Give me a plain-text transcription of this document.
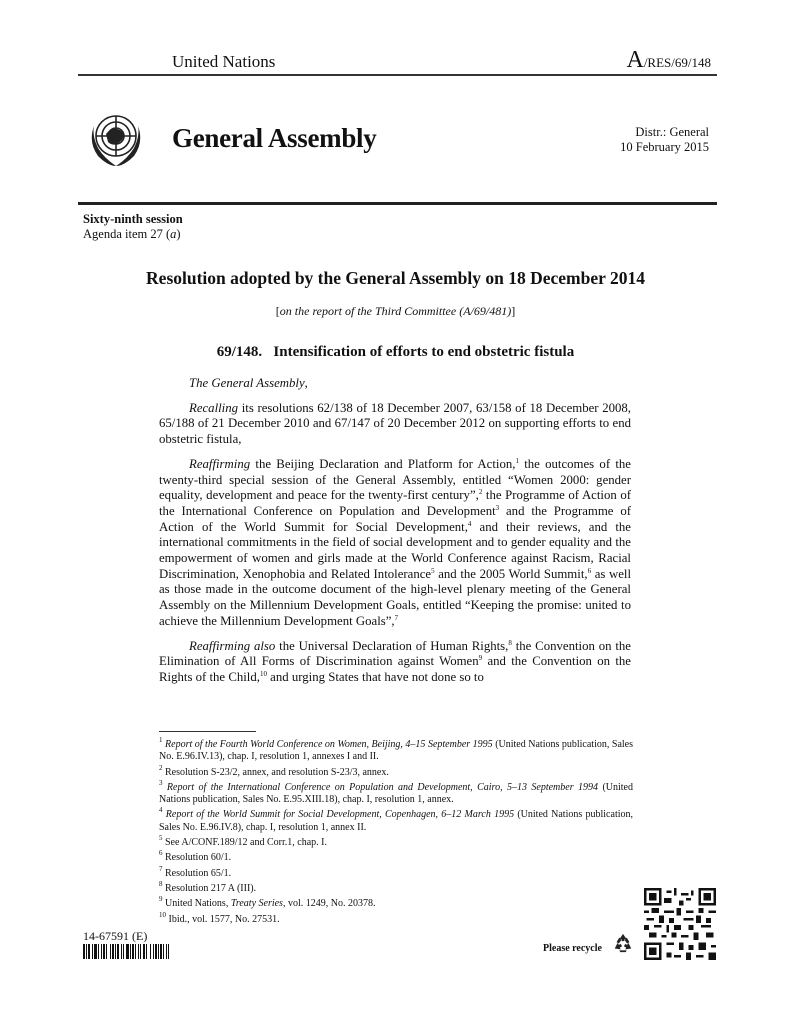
United Nations	A/RES/69/148
General Assembly	Distr.: General
10 February 2015
Sixty-ninth session
Agenda item 27 (a)
Resolution adopted by the General Assembly on 18 December 2014
[on the report of the Third Committee (A/69/481)]
69/148.   Intensification of efforts to end obstetric fistula

The General Assembly,

Recalling its resolutions 62/138 of 18 December 2007, 63/158 of 18 December 2008, 65/188 of 21 December 2010 and 67/147 of 20 December 2012 on supporting efforts to end obstetric fistula,

Reaffirming the Beijing Declaration and Platform for Action,$^1$ the outcomes of the twenty-third special session of the General Assembly, entitled “Women 2000: gender equality, development and peace for the twenty-first century”,$^2$ the Programme of Action of the International Conference on Population and Development$^3$ and the Programme of Action of the World Summit for Social Development,$^4$ and their reviews, and the international commitments in the field of social development and to gender equality and the empowerment of women and girls made at the World Conference against Racism, Racial Discrimination, Xenophobia and Related Intolerance$^5$ and the 2005 World Summit,$^6$ as well as those made in the outcome document of the high-level plenary meeting of the General Assembly on the Millennium Development Goals, entitled “Keeping the promise: united to achieve the Millennium Development Goals”,$^7$

Reaffirming also the Universal Declaration of Human Rights,$^8$ the Convention on the Elimination of All Forms of Discrimination against Women$^9$ and the Convention on the Rights of the Child,$^{10}$ and urging States that have not done so to

$^1$ Report of the Fourth World Conference on Women, Beijing, 4–15 September 1995 (United Nations publication, Sales No. E.96.IV.13), chap. I, resolution 1, annexes I and II.
$^2$ Resolution S-23/2, annex, and resolution S-23/3, annex.
$^3$ Report of the International Conference on Population and Development, Cairo, 5–13 September 1994 (United Nations publication, Sales No. E.95.XIII.18), chap. I, resolution 1, annex.
$^4$ Report of the World Summit for Social Development, Copenhagen, 6–12 March 1995 (United Nations publication, Sales No. E.96.IV.8), chap. I, resolution 1, annex II.
$^5$ See A/CONF.189/12 and Corr.1, chap. I.
$^6$ Resolution 60/1.
$^7$ Resolution 65/1.
$^8$ Resolution 217 A (III).
$^9$ United Nations, Treaty Series, vol. 1249, No. 20378.
$^{10}$ Ibid., vol. 1577, No. 27531.
14-67591 (E)
Please recycle
